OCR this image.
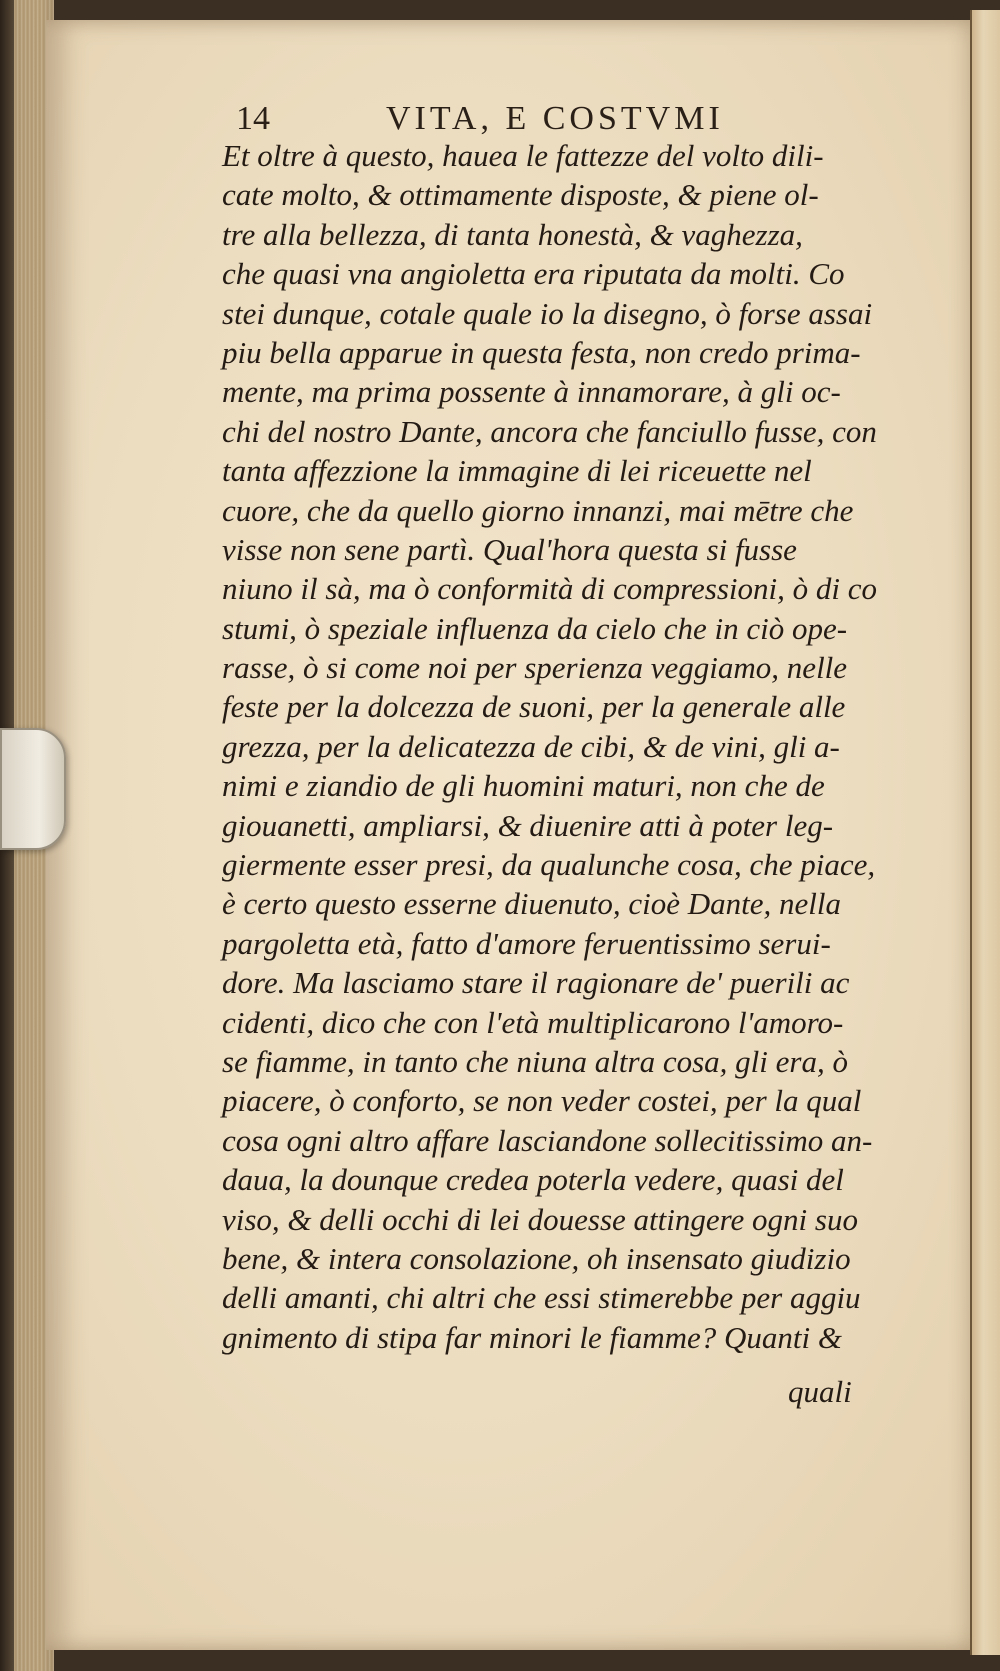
14	VITA, E COSTVMI
Et oltre à questo, hauea le fattezze del volto dili-
cate molto, & ottimamente disposte, & piene ol-
tre alla bellezza, di tanta honestà, & vaghezza,
che quasi vna angioletta era riputata da molti. Co
stei dunque, cotale quale io la disegno, ò forse assai
piu bella apparue in questa festa, non credo prima-
mente, ma prima possente à innamorare, à gli oc-
chi del nostro Dante, ancora che fanciullo fusse, con
tanta affezzione la immagine di lei riceuette nel
cuore, che da quello giorno innanzi, mai mētre che
visse non sene partì. Qual'hora questa si fusse
niuno il sà, ma ò conformità di compressioni, ò di co
stumi, ò speziale influenza da cielo che in ciò ope-
rasse, ò si come noi per sperienza veggiamo, nelle
feste per la dolcezza de suoni, per la generale alle
grezza, per la delicatezza de cibi, & de vini, gli a-
nimi e ziandio de gli huomini maturi, non che de
giouanetti, ampliarsi, & diuenire atti à poter leg-
giermente esser presi, da qualunche cosa, che piace,
è certo questo esserne diuenuto, cioè Dante, nella
pargoletta età, fatto d'amore feruentissimo serui-
dore. Ma lasciamo stare il ragionare de' puerili ac
cidenti, dico che con l'età multiplicarono l'amoro-
se fiamme, in tanto che niuna altra cosa, gli era, ò
piacere, ò conforto, se non veder costei, per la qual
cosa ogni altro affare lasciandone sollecitissimo an-
daua, la dounque credea poterla vedere, quasi del
viso, & delli occhi di lei douesse attingere ogni suo
bene, & intera consolazione, oh insensato giudizio
delli amanti, chi altri che essi stimerebbe per aggiu
gnimento di stipa far minori le fiamme? Quanti &
quali
